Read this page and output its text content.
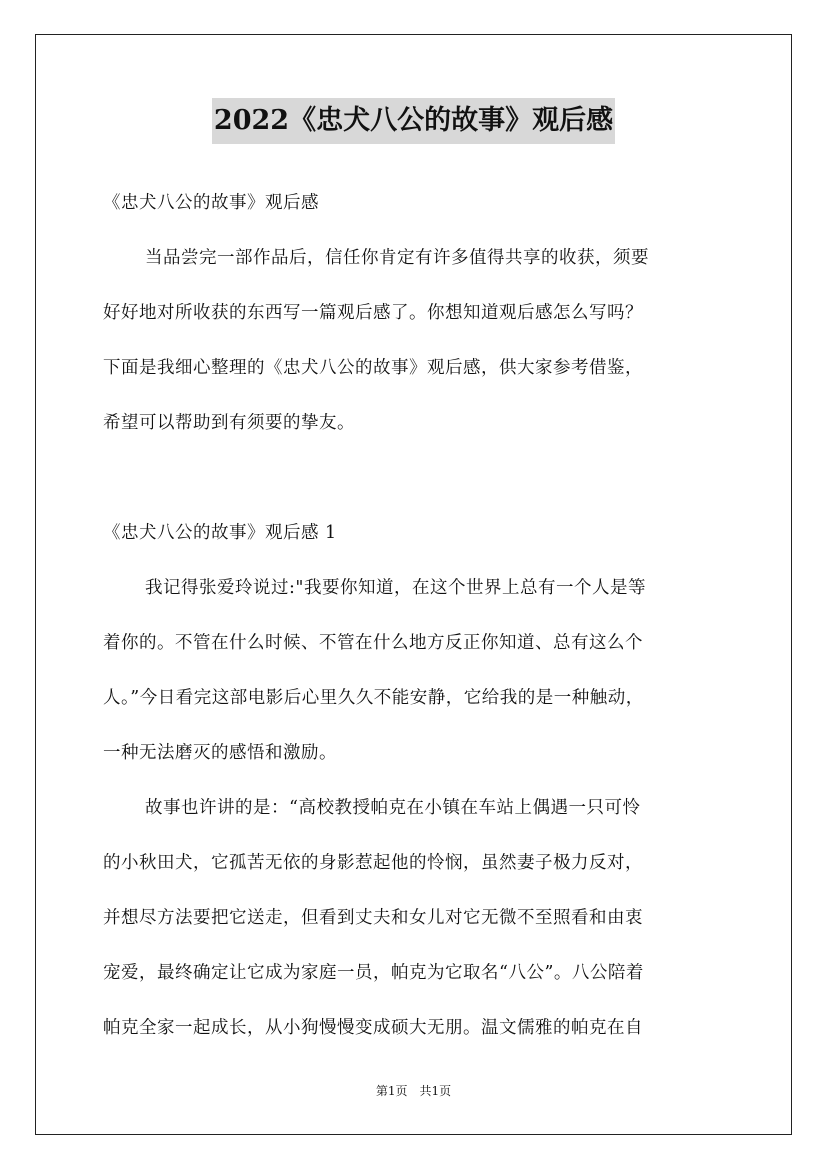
2022《忠犬八公的故事》观后感
《忠犬八公的故事》观后感
当品尝完一部作品后，信任你肯定有许多值得共享的收获，须要
好好地对所收获的东西写一篇观后感了。你想知道观后感怎么写吗？
下面是我细心整理的《忠犬八公的故事》观后感，供大家参考借鉴，
希望可以帮助到有须要的挚友。
《忠犬八公的故事》观后感 1
我记得张爱玲说过:"我要你知道，在这个世界上总有一个人是等
着你的。不管在什么时候、不管在什么地方反正你知道、总有这么个
人。”今日看完这部电影后心里久久不能安静，它给我的是一种触动，
一种无法磨灭的感悟和激励。
故事也许讲的是：“高校教授帕克在小镇在车站上偶遇一只可怜
的小秋田犬，它孤苦无依的身影惹起他的怜悯，虽然妻子极力反对，
并想尽方法要把它送走，但看到丈夫和女儿对它无微不至照看和由衷
宠爱，最终确定让它成为家庭一员，帕克为它取名“八公”。八公陪着
帕克全家一起成长，从小狗慢慢变成硕大无朋。温文儒雅的帕克在自
第1页 共1页
